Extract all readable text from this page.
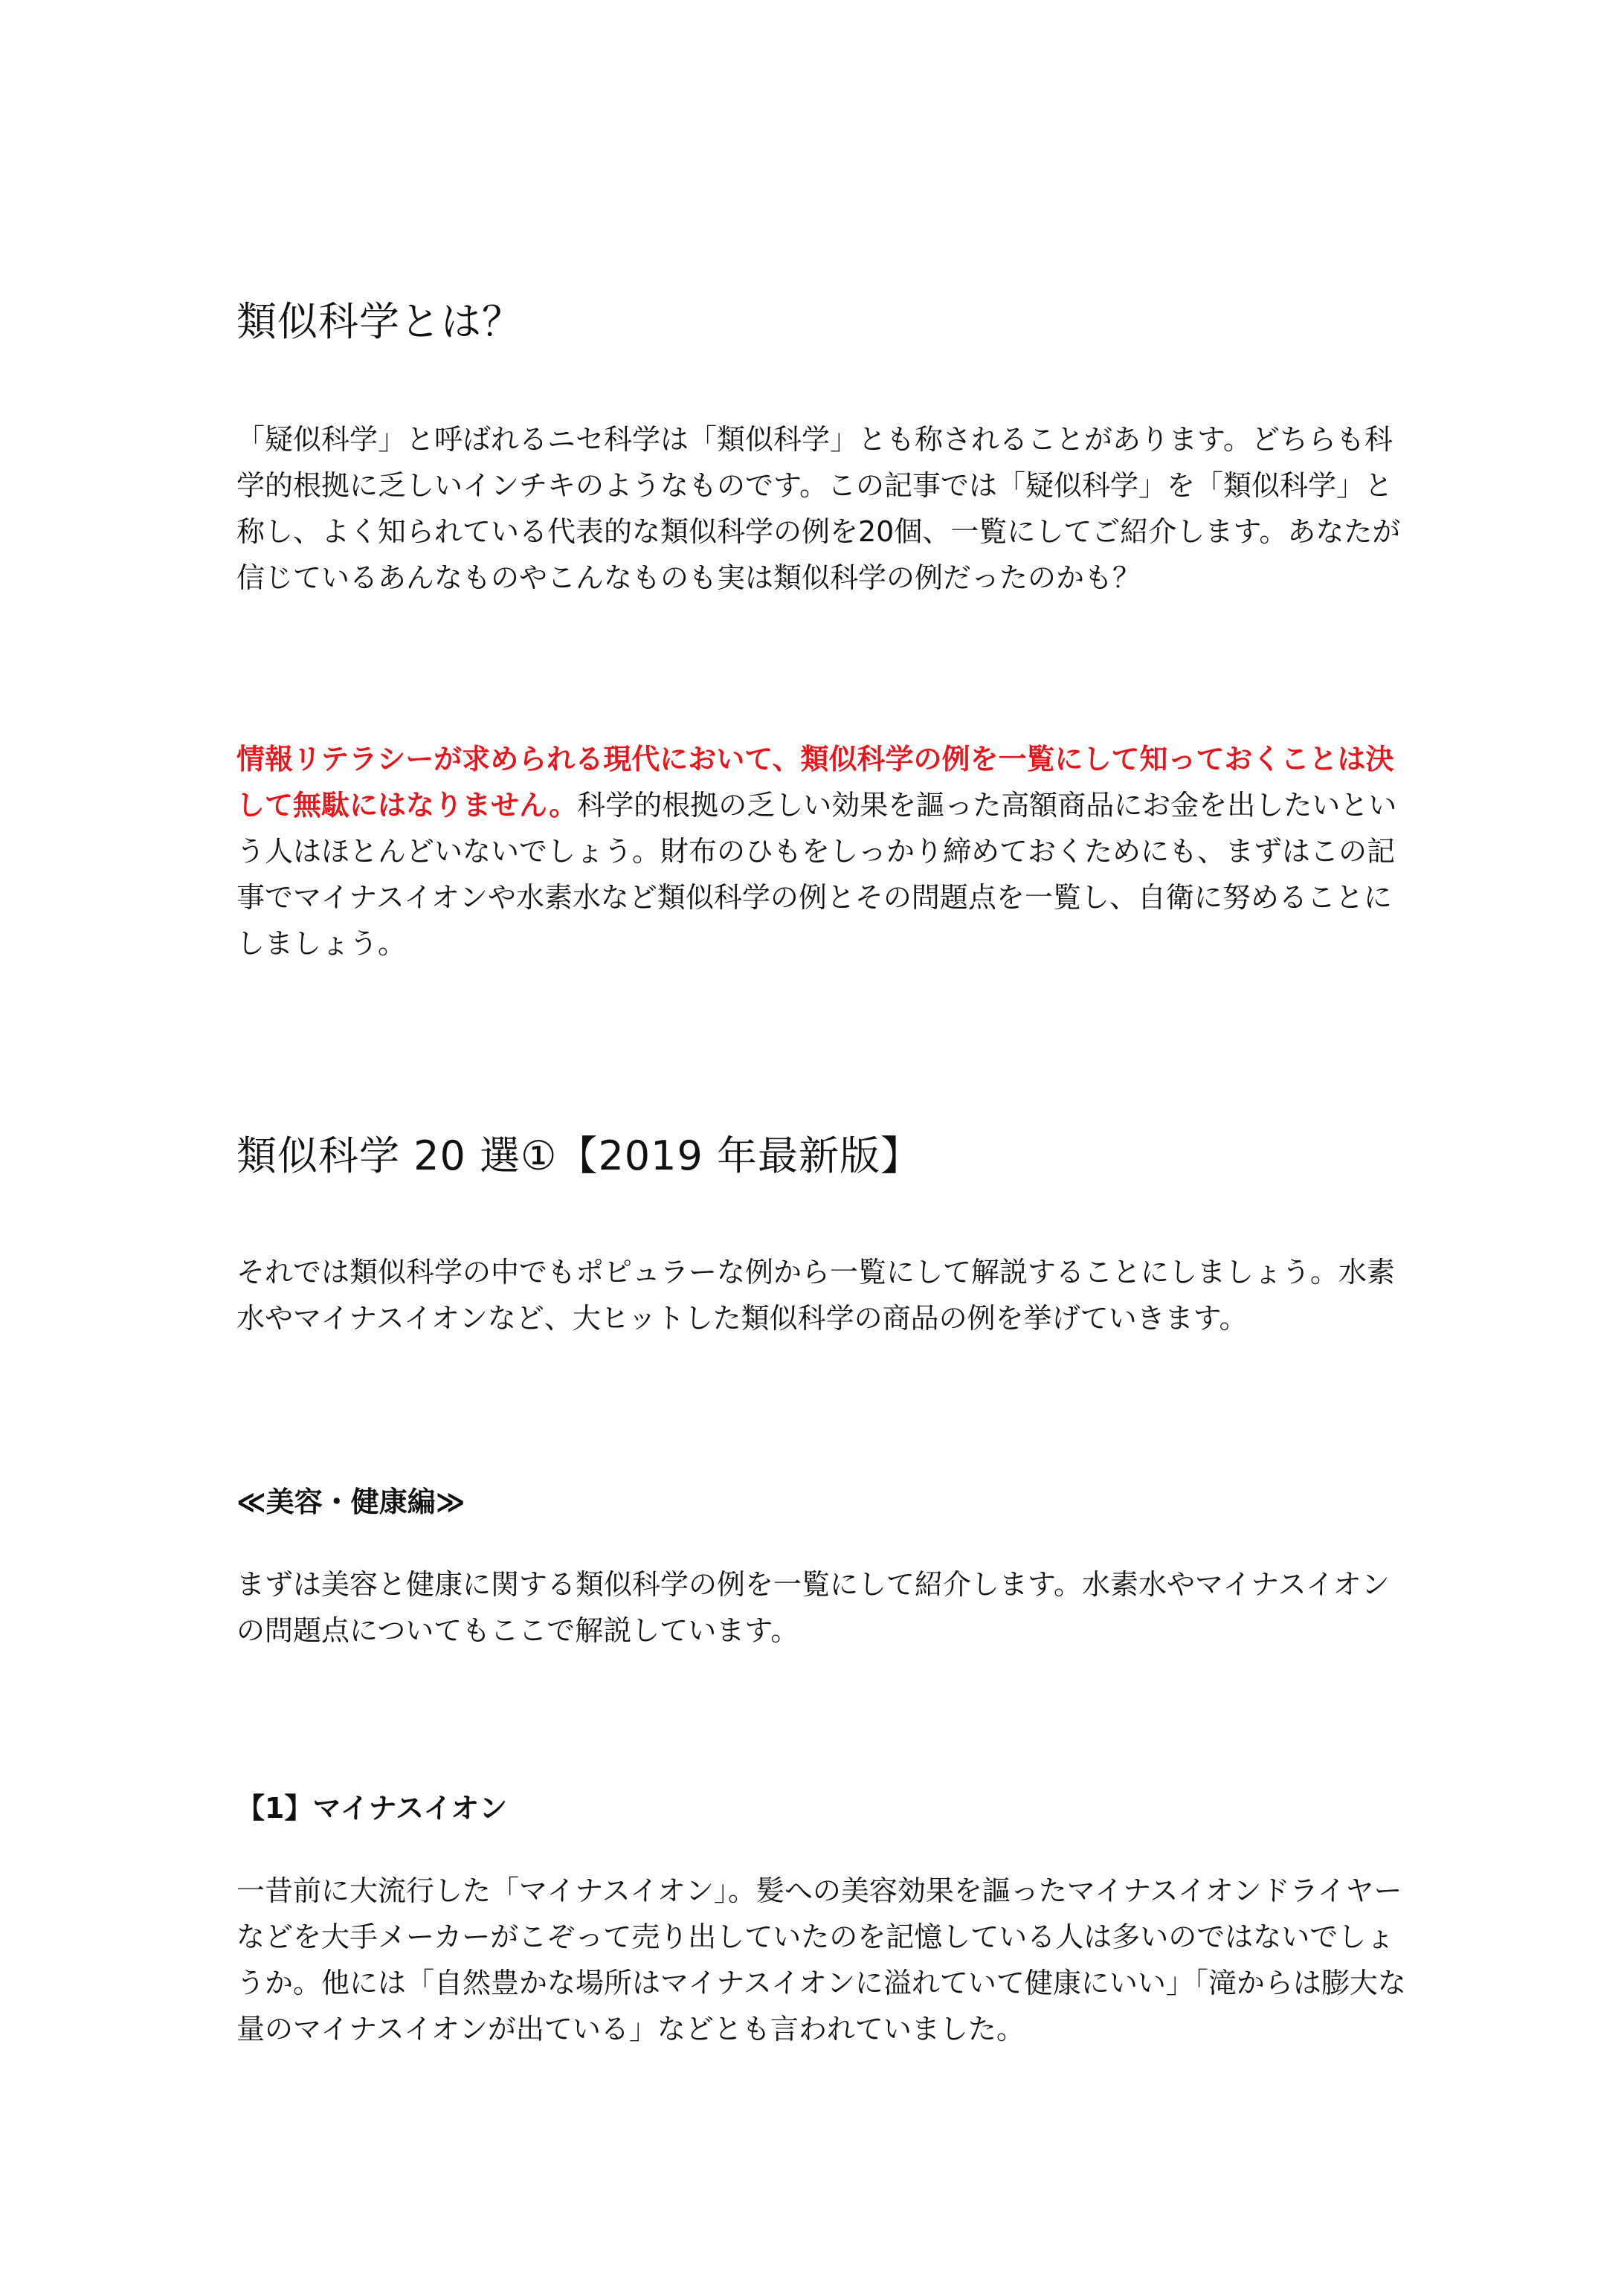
類似科学とは？

「疑似科学」と呼ばれるニセ科学は「類似科学」とも称されることがあります。どちらも科学的根拠に乏しいインチキのようなものです。この記事では「疑似科学」を「類似科学」と称し、よく知られている代表的な類似科学の例を20個、一覧にしてご紹介します。あなたが信じているあんなものやこんなものも実は類似科学の例だったのかも？

情報リテラシーが求められる現代において、類似科学の例を一覧にして知っておくことは決して無駄にはなりません。科学的根拠の乏しい効果を謳った高額商品にお金を出したいという人はほとんどいないでしょう。財布のひもをしっかり締めておくためにも、まずはこの記事でマイナスイオンや水素水など類似科学の例とその問題点を一覧し、自衛に努めることにしましょう。

類似科学 20 選①【2019 年最新版】

それでは類似科学の中でもポピュラーな例から一覧にして解説することにしましょう。水素水やマイナスイオンなど、大ヒットした類似科学の商品の例を挙げていきます。

≪美容・健康編≫

まずは美容と健康に関する類似科学の例を一覧にして紹介します。水素水やマイナスイオンの問題点についてもここで解説しています。

【1】マイナスイオン

一昔前に大流行した「マイナスイオン」。髪への美容効果を謳ったマイナスイオンドライヤーなどを大手メーカーがこぞって売り出していたのを記憶している人は多いのではないでしょうか。他には「自然豊かな場所はマイナスイオンに溢れていて健康にいい」「滝からは膨大な量のマイナスイオンが出ている」などとも言われていました。
